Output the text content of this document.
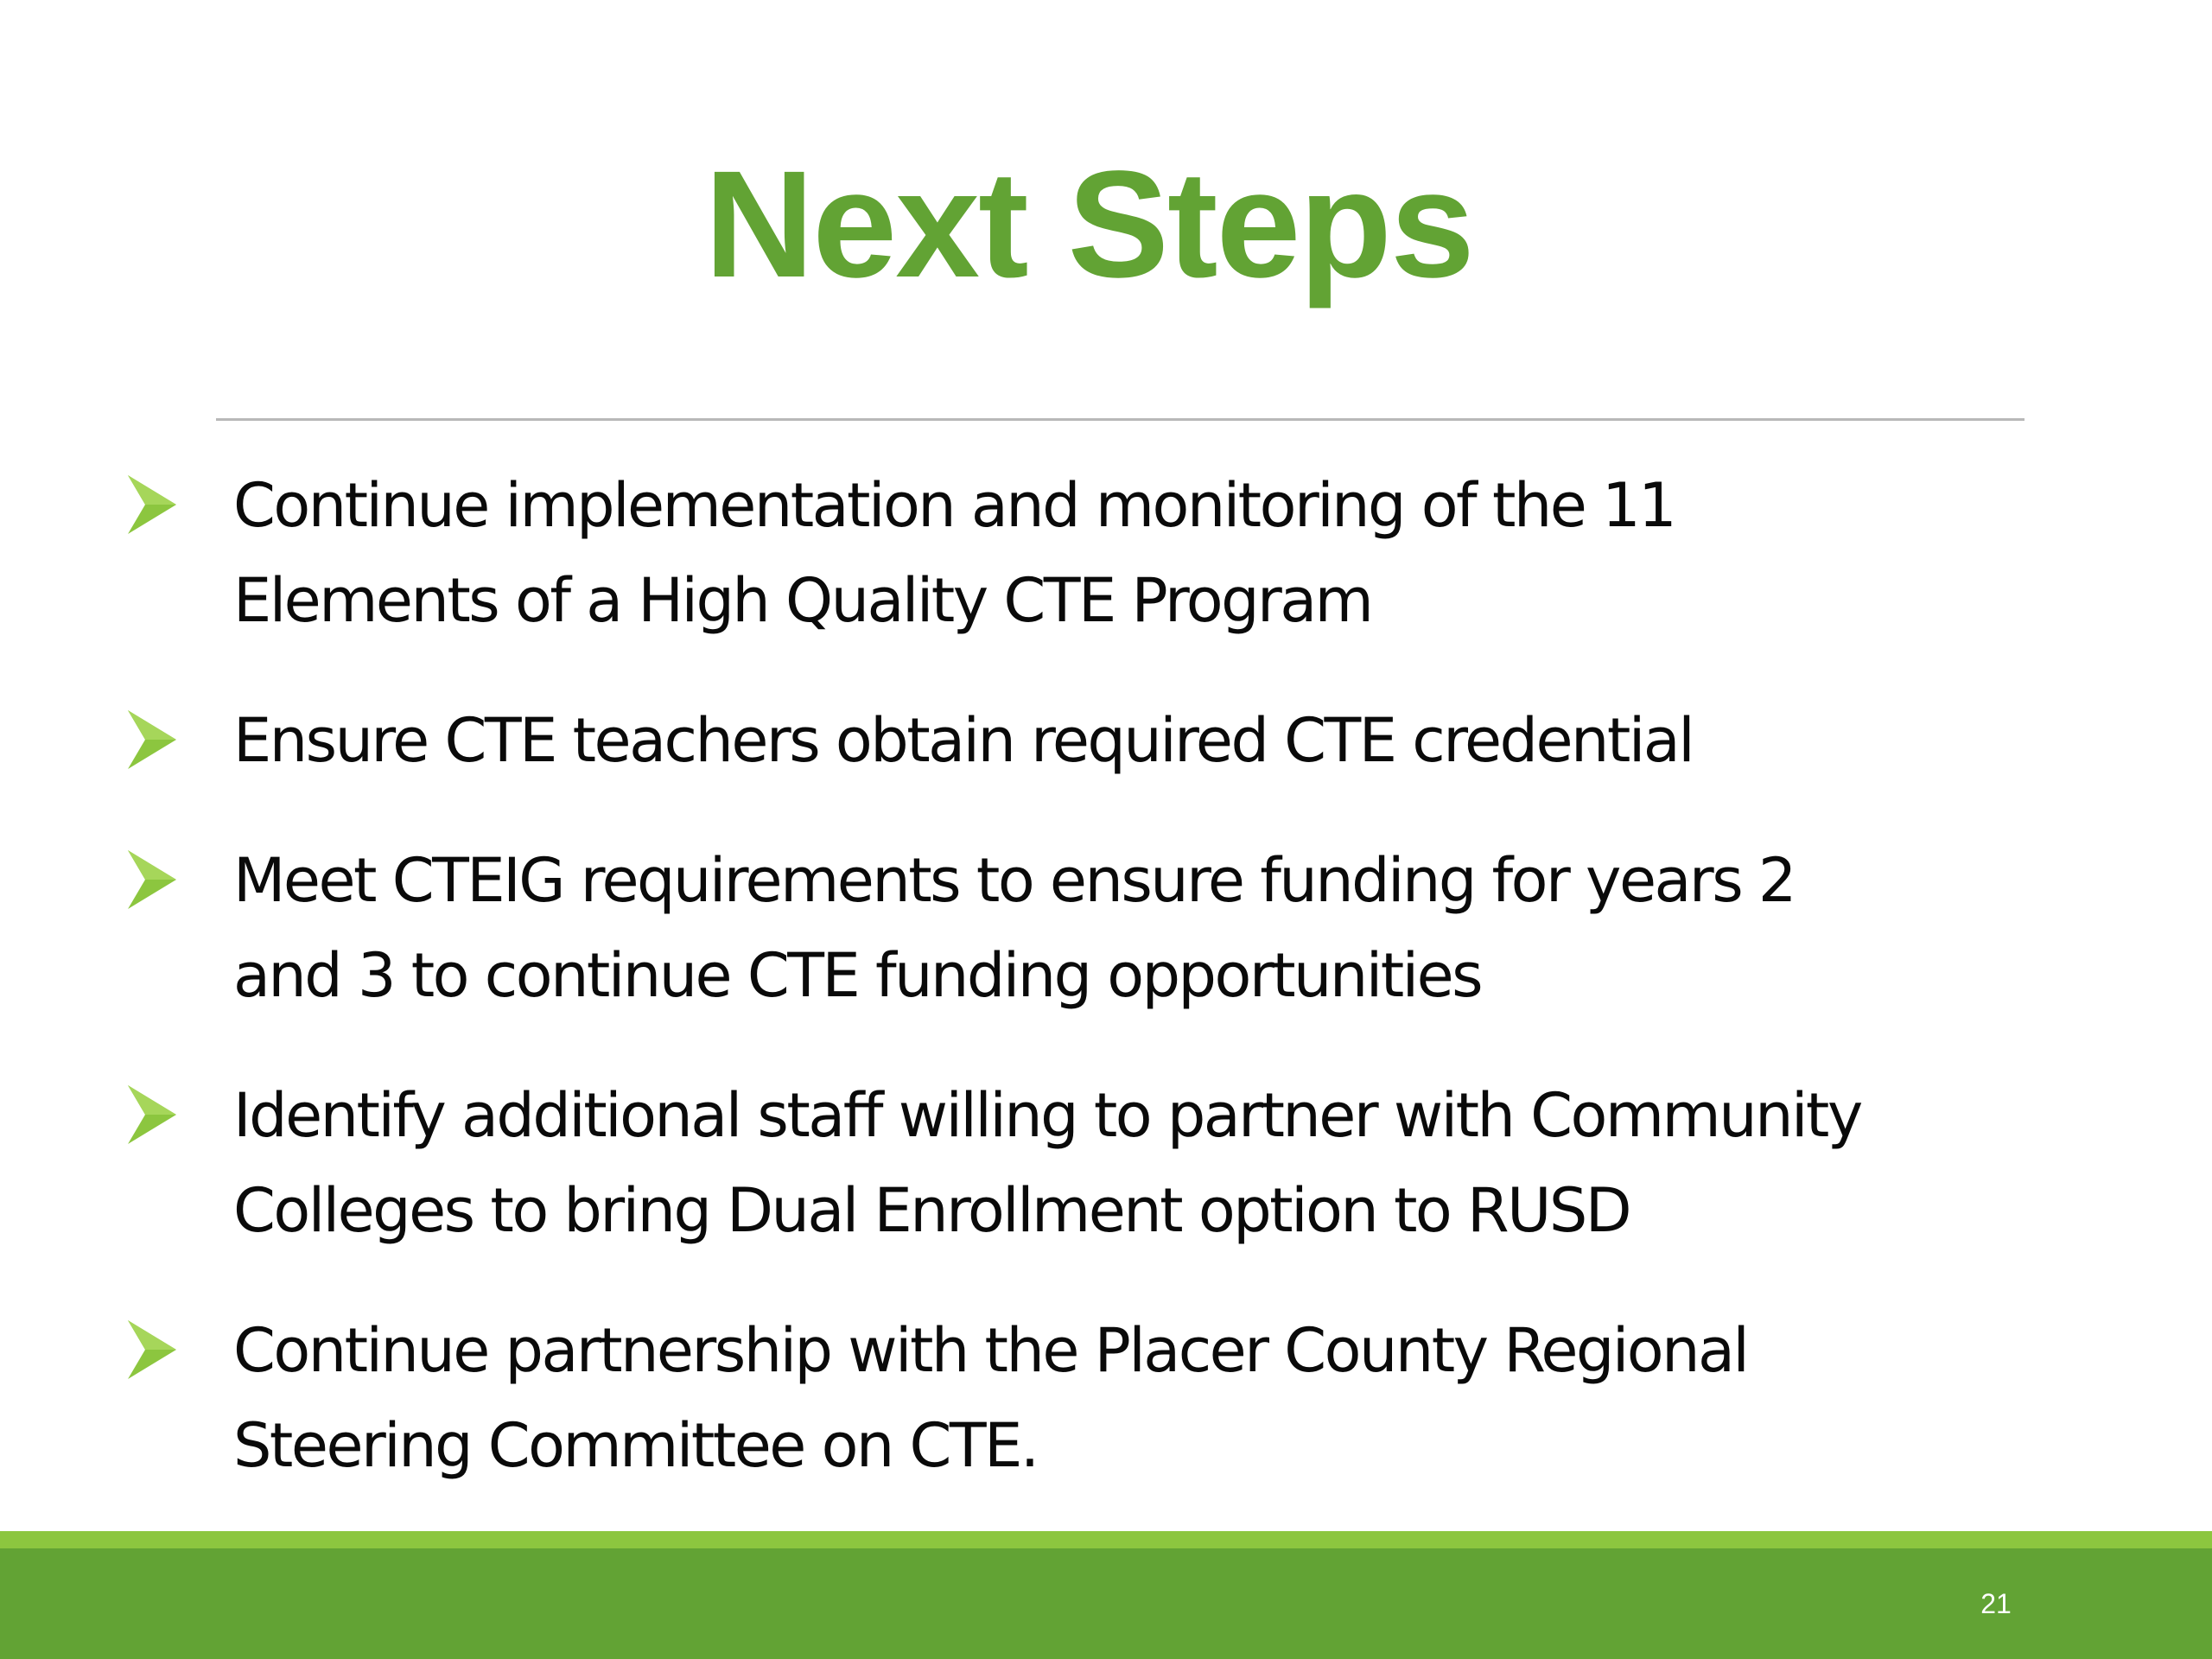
Next Steps
Continue implementation and monitoring of the 11
Elements of a High Quality CTE Program
Ensure CTE teachers obtain required CTE credential
Meet CTEIG requirements to ensure funding for years 2
and 3 to continue CTE funding opportunities
Identify additional staff willing to partner with Community
Colleges to bring Dual Enrollment option to RUSD
Continue partnership with the Placer County Regional
Steering Committee on CTE.
21
